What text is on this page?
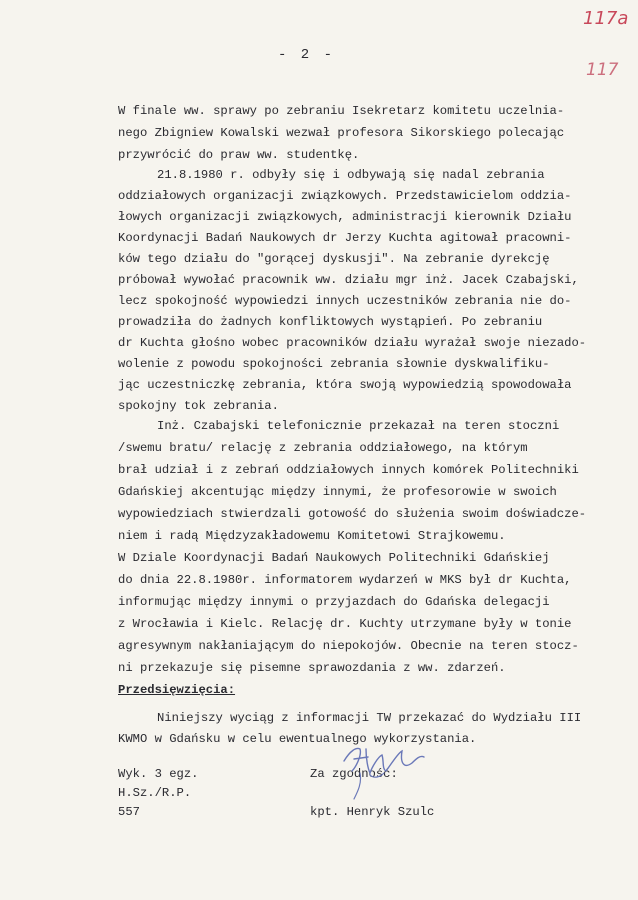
117a
117
- 2 -
W finale ww. sprawy po zebraniu Isekretarz komitetu uczelnia-
nego Zbigniew Kowalski wezwał profesora Sikorskiego polecając
przywrócić do praw ww. studentkę.
21.8.1980 r. odbyły się i odbywają się nadal zebrania
oddziałowych organizacji związkowych. Przedstawicielom oddzia-
łowych organizacji związkowych, administracji kierownik Działu
Koordynacji Badań Naukowych dr Jerzy Kuchta agitował pracowni-
ków tego działu do "gorącej dyskusji". Na zebranie dyrekcję
próbował wywołać pracownik ww. działu mgr inż. Jacek Czabajski,
lecz spokojność wypowiedzi innych uczestników zebrania nie do-
prowadziła do żadnych konfliktowych wystąpień. Po zebraniu
dr Kuchta głośno wobec pracowników działu wyrażał swoje niezado-
wolenie z powodu spokojności zebrania słownie dyskwalifiku-
jąc uczestniczkę zebrania, która swoją wypowiedzią spowodowała
spokojny tok zebrania.
Inż. Czabajski telefonicznie przekazał na teren stoczni
/swemu bratu/ relację z zebrania oddziałowego, na którym
brał udział i z zebrań oddziałowych innych komórek Politechniki
Gdańskiej akcentując między innymi, że profesorowie w swoich
wypowiedziach stwierdzali gotowość do służenia swoim doświadcze-
niem i radą Międzyzakładowemu Komitetowi Strajkowemu.
W Dziale Koordynacji Badań Naukowych Politechniki Gdańskiej
do dnia 22.8.1980r. informatorem wydarzeń w MKS był dr Kuchta,
informując między innymi o przyjazdach do Gdańska delegacji
z Wrocławia i Kielc. Relację dr. Kuchty utrzymane były w tonie
agresywnym nakłaniającym do niepokojów. Obecnie na teren stocz-
ni przekazuje się pisemne sprawozdania z ww. zdarzeń.
Przedsięwzięcia:
Niniejszy wyciąg z informacji TW przekazać do Wydziału III
KWMO w Gdańsku w celu ewentualnego wykorzystania.
Wyk. 3 egz.
H.Sz./R.P.
557
Za zgodność:
kpt. Henryk Szulc
